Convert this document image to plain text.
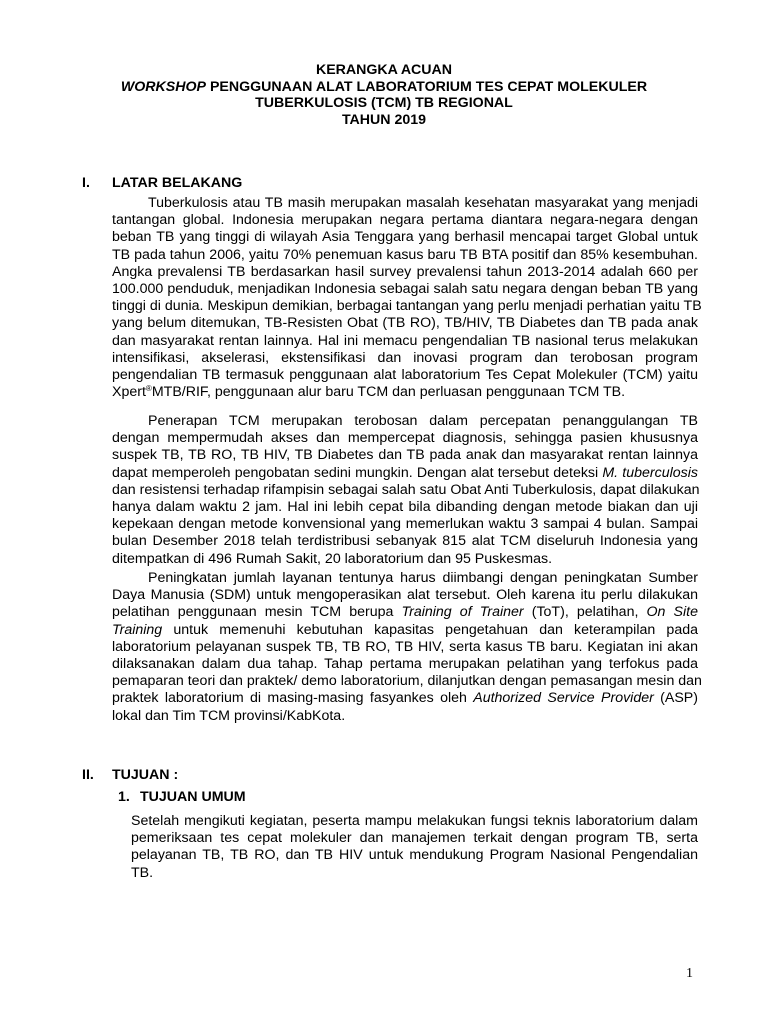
KERANGKA ACUAN
WORKSHOP PENGGUNAAN ALAT LABORATORIUM TES CEPAT MOLEKULER
TUBERKULOSIS (TCM) TB REGIONAL
TAHUN 2019
I. LATAR BELAKANG
Tuberkulosis atau TB masih merupakan masalah kesehatan masyarakat yang menjadi
tantangan global. Indonesia merupakan negara pertama diantara negara-negara dengan
beban TB yang tinggi di wilayah Asia Tenggara yang berhasil mencapai target Global untuk
TB pada tahun 2006, yaitu 70% penemuan kasus baru TB BTA positif dan 85% kesembuhan.
Angka prevalensi TB berdasarkan hasil survey prevalensi tahun 2013-2014 adalah 660 per
100.000 penduduk, menjadikan Indonesia sebagai salah satu negara dengan beban TB yang
tinggi di dunia. Meskipun demikian, berbagai tantangan yang perlu menjadi perhatian yaitu TB
yang belum ditemukan, TB-Resisten Obat (TB RO), TB/HIV, TB Diabetes dan TB pada anak
dan masyarakat rentan lainnya. Hal ini memacu pengendalian TB nasional terus melakukan
intensifikasi, akselerasi, ekstensifikasi dan inovasi program dan terobosan program
pengendalian TB termasuk penggunaan alat laboratorium Tes Cepat Molekuler (TCM) yaitu
Xpert®MTB/RIF, penggunaan alur baru TCM dan perluasan penggunaan TCM TB.
Penerapan TCM merupakan terobosan dalam percepatan penanggulangan TB
dengan mempermudah akses dan mempercepat diagnosis, sehingga pasien khususnya
suspek TB, TB RO, TB HIV, TB Diabetes dan TB pada anak dan masyarakat rentan lainnya
dapat memperoleh pengobatan sedini mungkin. Dengan alat tersebut deteksi M. tuberculosis
dan resistensi terhadap rifampisin sebagai salah satu Obat Anti Tuberkulosis, dapat dilakukan
hanya dalam waktu 2 jam. Hal ini lebih cepat bila dibanding dengan metode biakan dan uji
kepekaan dengan metode konvensional yang memerlukan waktu 3 sampai 4 bulan. Sampai
bulan Desember 2018 telah terdistribusi sebanyak 815 alat TCM diseluruh Indonesia yang
ditempatkan di 496 Rumah Sakit, 20 laboratorium dan 95 Puskesmas.
Peningkatan jumlah layanan tentunya harus diimbangi dengan peningkatan Sumber
Daya Manusia (SDM) untuk mengoperasikan alat tersebut. Oleh karena itu perlu dilakukan
pelatihan penggunaan mesin TCM berupa Training of Trainer (ToT), pelatihan, On Site
Training untuk memenuhi kebutuhan kapasitas pengetahuan dan keterampilan pada
laboratorium pelayanan suspek TB, TB RO, TB HIV, serta kasus TB baru. Kegiatan ini akan
dilaksanakan dalam dua tahap. Tahap pertama merupakan pelatihan yang terfokus pada
pemaparan teori dan praktek/ demo laboratorium, dilanjutkan dengan pemasangan mesin dan
praktek laboratorium di masing-masing fasyankes oleh Authorized Service Provider (ASP)
lokal dan Tim TCM provinsi/KabKota.
II. TUJUAN :
1. TUJUAN UMUM
Setelah mengikuti kegiatan, peserta mampu melakukan fungsi teknis laboratorium dalam
pemeriksaan tes cepat molekuler dan manajemen terkait dengan program TB, serta
pelayanan TB, TB RO, dan TB HIV untuk mendukung Program Nasional Pengendalian
TB.
1
